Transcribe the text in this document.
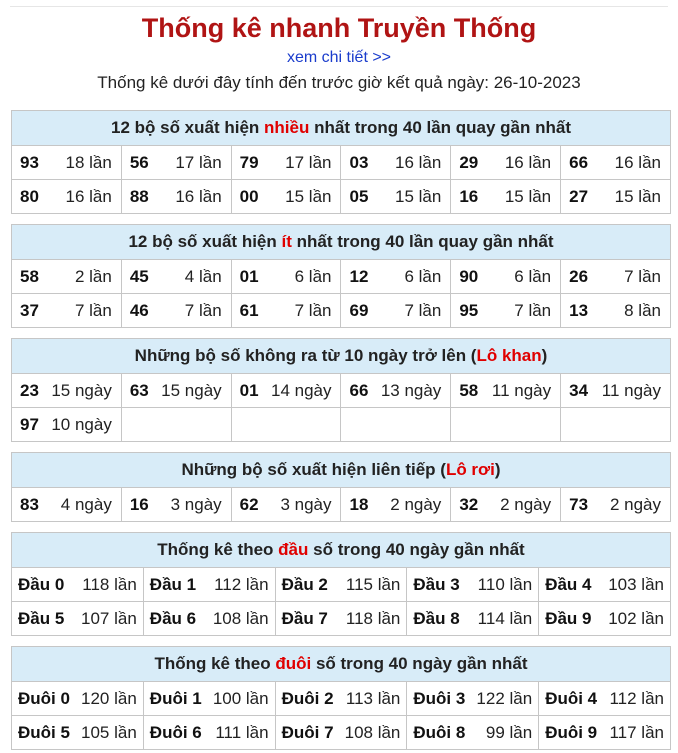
Thống kê nhanh Truyền Thống
xem chi tiết >>

Thống kê dưới đây tính đến trước giờ kết quả ngày: 26-10-2023

12 bộ số xuất hiện nhiều nhất trong 40 lần quay gần nhất					

93 18 lần	56 17 lần	79 17 lần	03 16 lần	29 16 lần	66 16 lần

80 16 lần	88 16 lần	00 15 lần	05 15 lần	16 15 lần	27 15 lần
12 bộ số xuất hiện ít nhất trong 40 lần quay gần nhất					

58 2 lần	45 4 lần	01 6 lần	12 6 lần	90 6 lần	26 7 lần

37 7 lần	46 7 lần	61 7 lần	69 7 lần	95 7 lần	13 8 lần
Những bộ số không ra từ 10 ngày trở lên (Lô khan)					

23 15 ngày	63 15 ngày	01 14 ngày	66 13 ngày	58 11 ngày	34 11 ngày

97 10 ngày					

Những bộ số xuất hiện liên tiếp (Lô rơi)

83 4 ngày	16 3 ngày	62 3 ngày	18 2 ngày	32 2 ngày	73 2 ngày
Thống kê theo đầu số trong 40 ngày gần nhất				

Đầu 0 118 lần	Đầu 1 112 lần	Đầu 2 115 lần	Đầu 3 110 lần	Đầu 4 103 lần

Đầu 5 107 lần	Đầu 6 108 lần	Đầu 7 118 lần	Đầu 8 114 lần	Đầu 9 102 lần
Thống kê theo đuôi số trong 40 ngày gần nhất				

Đuôi 0 120 lần	Đuôi 1 100 lần	Đuôi 2 113 lần	Đuôi 3 122 lần	Đuôi 4 112 lần

Đuôi 5 105 lần	Đuôi 6 111 lần	Đuôi 7 108 lần	Đuôi 8 99 lần	Đuôi 9 117 lần
